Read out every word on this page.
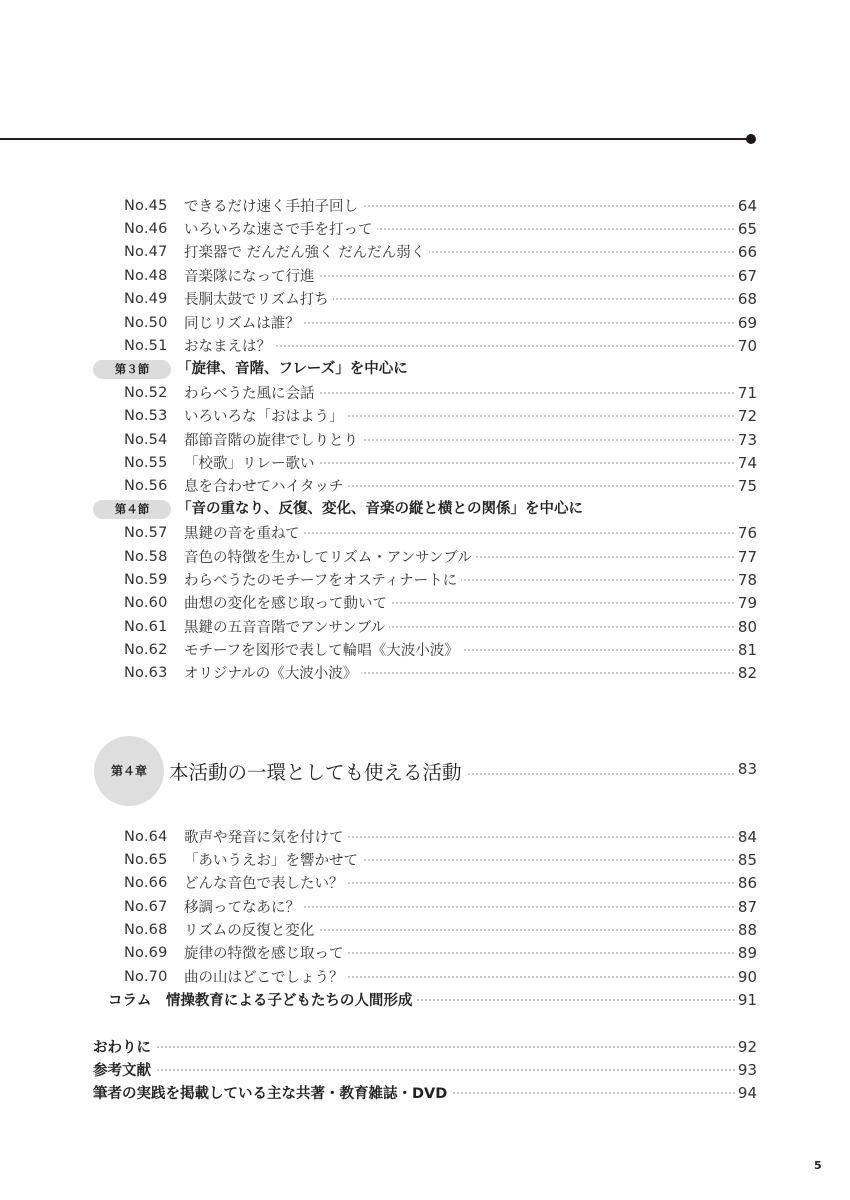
No.45 できるだけ速く手拍子回し	64
No.46 いろいろな速さで手を打って	65
No.47 打楽器で だんだん強く だんだん弱く	66
No.48 音楽隊になって行進	67
No.49 長胴太鼓でリズム打ち	68
No.50 同じリズムは誰？	69
No.51 おなまえは？	70
第３節	「旋律、音階、フレーズ」を中心に
No.52 わらべうた風に会話	71
No.53 いろいろな「おはよう」	72
No.54 都節音階の旋律でしりとり	73
No.55 「校歌」リレー歌い	74
No.56 息を合わせてハイタッチ	75
第４節	「音の重なり、反復、変化、音楽の縦と横との関係」を中心に
No.57 黒鍵の音を重ねて	76
No.58 音色の特徴を生かしてリズム・アンサンブル	77
No.59 わらべうたのモチーフをオスティナートに	78
No.60 曲想の変化を感じ取って動いて	79
No.61 黒鍵の五音音階でアンサンブル	80
No.62 モチーフを図形で表して輪唱《大波小波》	81
No.63 オリジナルの《大波小波》	82
第４章	本活動の一環としても使える活動	83
No.64 歌声や発音に気を付けて	84
No.65 「あいうえお」を響かせて	85
No.66 どんな音色で表したい？	86
No.67 移調ってなあに？	87
No.68 リズムの反復と変化	88
No.69 旋律の特徴を感じ取って	89
No.70 曲の山はどこでしょう？	90
コラム　情操教育による子どもたちの人間形成	91
おわりに	92
参考文献	93
筆者の実践を掲載している主な共著・教育雑誌・DVD	94
5
